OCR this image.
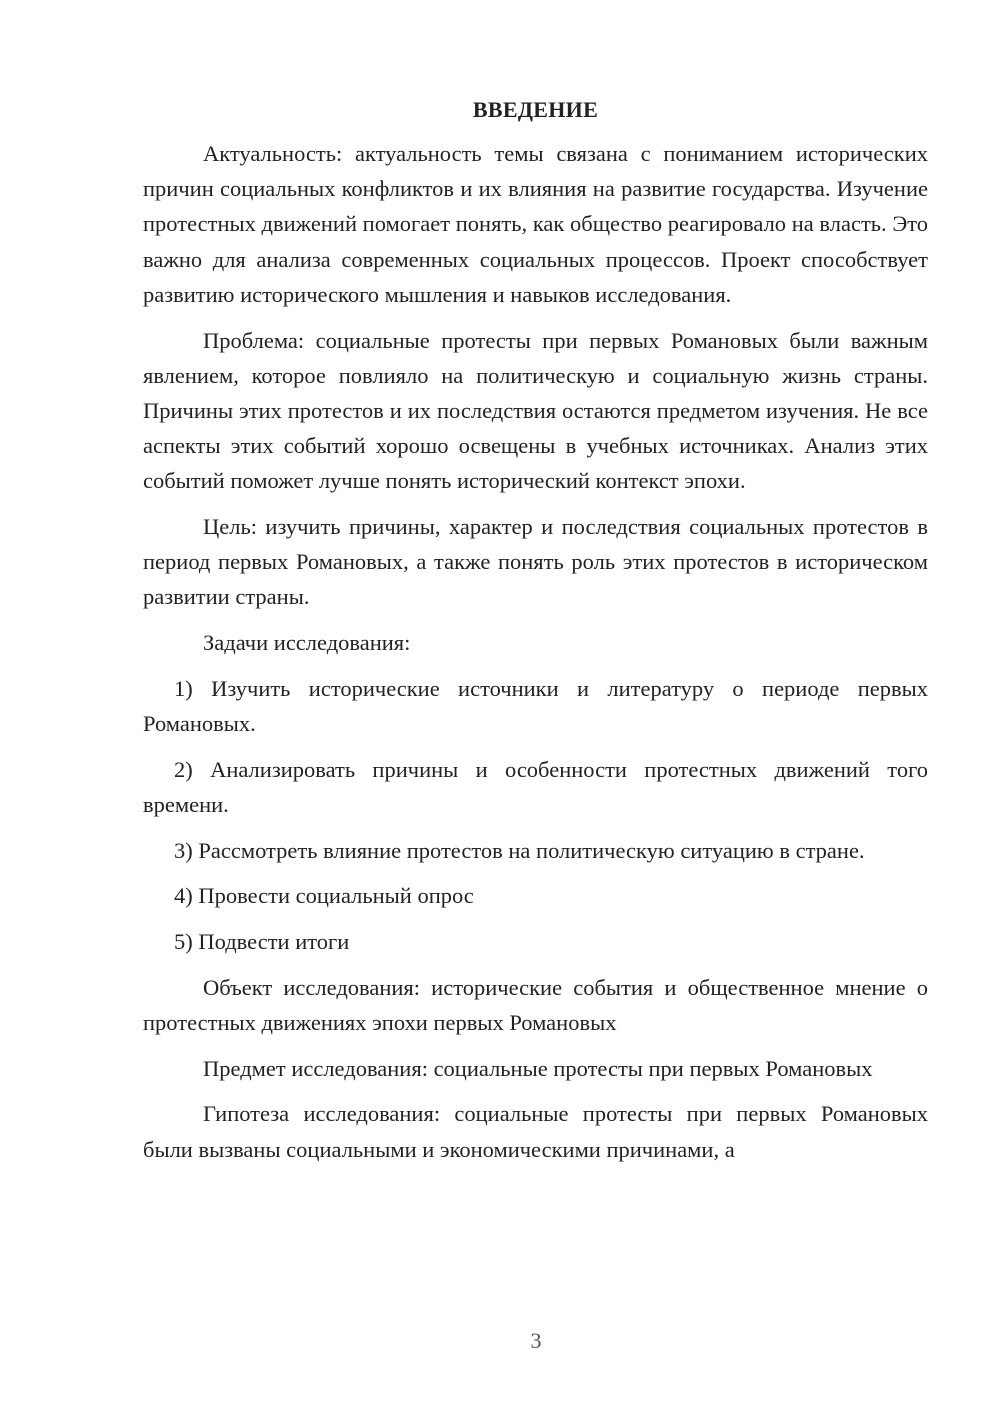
ВВЕДЕНИЕ

Актуальность: актуальность темы связана с пониманием исторических причин социальных конфликтов и их влияния на развитие государства. Изучение протестных движений помогает понять, как общество реагировало на власть. Это важно для анализа современных социальных процессов. Проект способствует развитию исторического мышления и навыков исследования.

Проблема: социальные протесты при первых Романовых были важным явлением, которое повлияло на политическую и социальную жизнь страны. Причины этих протестов и их последствия остаются предметом изучения. Не все аспекты этих событий хорошо освещены в учебных источниках. Анализ этих событий поможет лучше понять исторический контекст эпохи.

Цель: изучить причины, характер и последствия социальных протестов в период первых Романовых, а также понять роль этих протестов в историческом развитии страны.

Задачи исследования:

1) Изучить исторические источники и литературу о периоде первых Романовых.

2) Анализировать причины и особенности протестных движений того времени.

3) Рассмотреть влияние протестов на политическую ситуацию в стране.

4) Провести социальный опрос

5) Подвести итоги

Объект исследования: исторические события и общественное мнение о протестных движениях эпохи первых Романовых

Предмет исследования: социальные протесты при первых Романовых

Гипотеза исследования: социальные протесты при первых Романовых были вызваны социальными и экономическими причинами, а

3
